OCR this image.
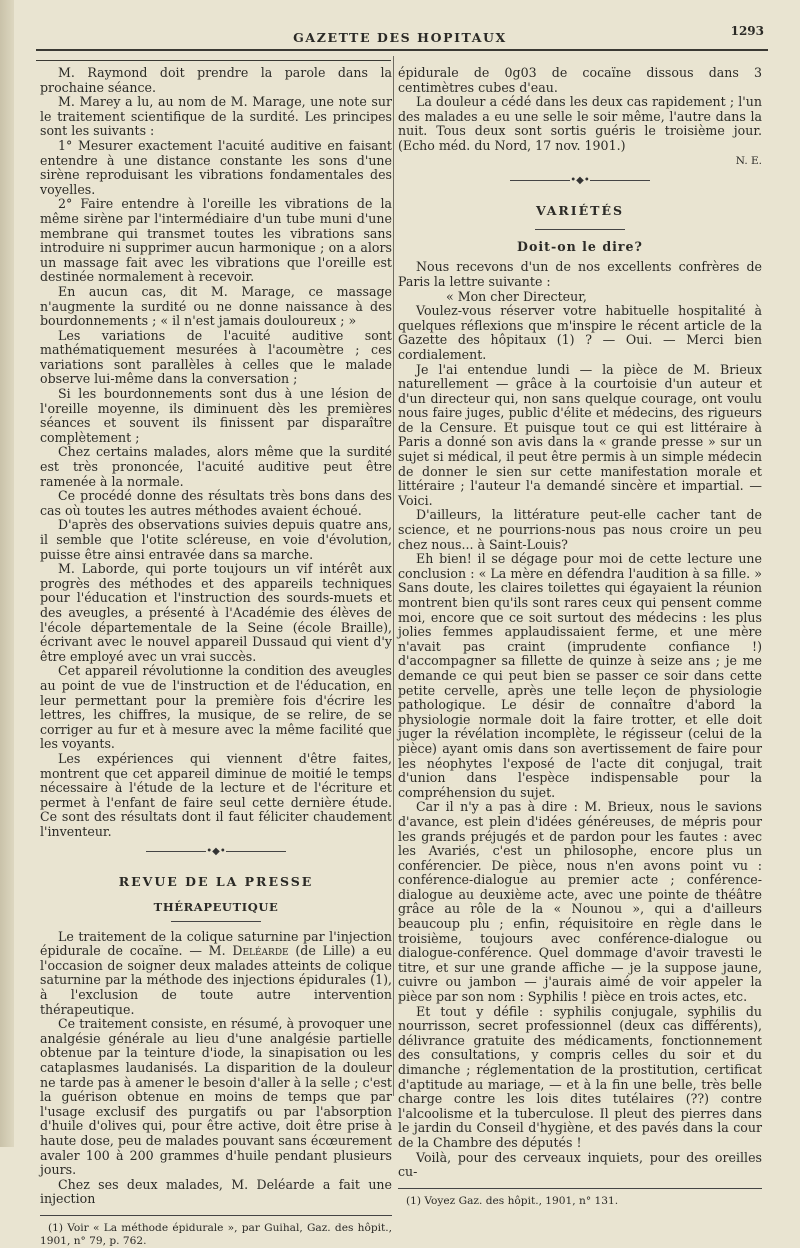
GAZETTE DES HOPITAUX	1293

M. Raymond doit prendre la parole dans la prochaine séance.

M. Marey a lu, au nom de M. Marage, une note sur le traitement scientifique de la surdité. Les principes sont les suivants :

1° Mesurer exactement l'acuité auditive en faisant entendre à une distance constante les sons d'une sirène reproduisant les vibrations fondamentales des voyelles.

2° Faire entendre à l'oreille les vibrations de la même sirène par l'intermédiaire d'un tube muni d'une membrane qui transmet toutes les vibrations sans introduire ni supprimer aucun harmonique ; on a alors un massage fait avec les vibrations que l'oreille est destinée normalement à recevoir.

En aucun cas, dit M. Marage, ce massage n'augmente la surdité ou ne donne naissance à des bourdonnements ; « il n'est jamais douloureux ; »

Les variations de l'acuité auditive sont mathématiquement mesurées à l'acoumètre ; ces variations sont parallèles à celles que le malade observe lui-même dans la conversation ;

Si les bourdonnements sont dus à une lésion de l'oreille moyenne, ils diminuent dès les premières séances et souvent ils finissent par disparaître complètement ;

Chez certains malades, alors même que la surdité est très prononcée, l'acuité auditive peut être ramenée à la normale.

Ce procédé donne des résultats très bons dans des cas où toutes les autres méthodes avaient échoué.

D'après des observations suivies depuis quatre ans, il semble que l'otite scléreuse, en voie d'évolution, puisse être ainsi entravée dans sa marche.

M. Laborde, qui porte toujours un vif intérêt aux progrès des méthodes et des appareils techniques pour l'éducation et l'instruction des sourds-muets et des aveugles, a présenté à l'Académie des élèves de l'école départementale de la Seine (école Braille), écrivant avec le nouvel appareil Dussaud qui vient d'y être employé avec un vrai succès.

Cet appareil révolutionne la condition des aveugles au point de vue de l'instruction et de l'éducation, en leur permettant pour la première fois d'écrire les lettres, les chiffres, la musique, de se relire, de se corriger au fur et à mesure avec la même facilité que les voyants.

Les expériences qui viennent d'être faites, montrent que cet appareil diminue de moitié le temps nécessaire à l'étude de la lecture et de l'écriture et permet à l'enfant de faire seul cette dernière étude. Ce sont des résultats dont il faut féliciter chaudement l'inventeur.

•◆•
REVUE DE LA PRESSE
THÉRAPEUTIQUE

Le traitement de la colique saturnine par l'injection épidurale de cocaïne. — M. Deléarde (de Lille) a eu l'occasion de soigner deux malades atteints de colique saturnine par la méthode des injections épidurales (1), à l'exclusion de toute autre intervention thérapeutique.

Ce traitement consiste, en résumé, à provoquer une analgésie générale au lieu d'une analgésie partielle obtenue par la teinture d'iode, la sinapisation ou les cataplasmes laudanisés. La disparition de la douleur ne tarde pas à amener le besoin d'aller à la selle ; c'est la guérison obtenue en moins de temps que par l'usage exclusif des purgatifs ou par l'absorption d'huile d'olives qui, pour être active, doit être prise à haute dose, peu de malades pouvant sans écœurement avaler 100 à 200 grammes d'huile pendant plusieurs jours.

Chez ses deux malades, M. Deléarde a fait une injection

(1) Voir « La méthode épidurale », par Guihal, Gaz. des hôpit., 1901, n° 79, p. 762.

épidurale de 0g03 de cocaïne dissous dans 3 centimètres cubes d'eau.

La douleur a cédé dans les deux cas rapidement ; l'un des malades a eu une selle le soir même, l'autre dans la nuit. Tous deux sont sortis guéris le troisième jour. (Echo méd. du Nord, 17 nov. 1901.)

N. E.
•◆•
VARIÉTÉS
Doit-on le dire?

Nous recevons d'un de nos excellents confrères de Paris la lettre suivante :

« Mon cher Directeur,

Voulez-vous réserver votre habituelle hospitalité à quelques réflexions que m'inspire le récent article de la Gazette des hôpitaux (1) ? — Oui. — Merci bien cordialement.

Je l'ai entendue lundi — la pièce de M. Brieux naturellement — grâce à la courtoisie d'un auteur et d'un directeur qui, non sans quelque courage, ont voulu nous faire juges, public d'élite et médecins, des rigueurs de la Censure. Et puisque tout ce qui est littéraire à Paris a donné son avis dans la « grande presse » sur un sujet si médical, il peut être permis à un simple médecin de donner le sien sur cette manifestation morale et littéraire ; l'auteur l'a demandé sincère et impartial. — Voici.

D'ailleurs, la littérature peut-elle cacher tant de science, et ne pourrions-nous pas nous croire un peu chez nous... à Saint-Louis?

Eh bien! il se dégage pour moi de cette lecture une conclusion : « La mère en défendra l'audition à sa fille. » Sans doute, les claires toilettes qui égayaient la réunion montrent bien qu'ils sont rares ceux qui pensent comme moi, encore que ce soit surtout des médecins : les plus jolies femmes applaudissaient ferme, et une mère n'avait pas craint (imprudente confiance !) d'accompagner sa fillette de quinze à seize ans ; je me demande ce qui peut bien se passer ce soir dans cette petite cervelle, après une telle leçon de physiologie pathologique. Le désir de connaître d'abord la physiologie normale doit la faire trotter, et elle doit juger la révélation incomplète, le régisseur (celui de la pièce) ayant omis dans son avertissement de faire pour les néophytes l'exposé de l'acte dit conjugal, trait d'union dans l'espèce indispensable pour la compréhension du sujet.

Car il n'y a pas à dire : M. Brieux, nous le savions d'avance, est plein d'idées généreuses, de mépris pour les grands préjugés et de pardon pour les fautes : avec les Avariés, c'est un philosophe, encore plus un conférencier. De pièce, nous n'en avons point vu : conférence-dialogue au premier acte ; conférence-dialogue au deuxième acte, avec une pointe de théâtre grâce au rôle de la « Nounou », qui a d'ailleurs beaucoup plu ; enfin, réquisitoire en règle dans le troisième, toujours avec conférence-dialogue ou dialogue-conférence. Quel dommage d'avoir travesti le titre, et sur une grande affiche — je la suppose jaune, cuivre ou jambon — j'aurais aimé de voir appeler la pièce par son nom : Syphilis ! pièce en trois actes, etc.

Et tout y défile : syphilis conjugale, syphilis du nourrisson, secret professionnel (deux cas différents), délivrance gratuite des médicaments, fonctionnement des consultations, y compris celles du soir et du dimanche ; réglementation de la prostitution, certificat d'aptitude au mariage, — et à la fin une belle, très belle charge contre les lois dites tutélaires (??) contre l'alcoolisme et la tuberculose. Il pleut des pierres dans le jardin du Conseil d'hygiène, et des pavés dans la cour de la Chambre des députés !

Voilà, pour des cerveaux inquiets, pour des oreilles cu-

(1) Voyez Gaz. des hôpit., 1901, n° 131.
